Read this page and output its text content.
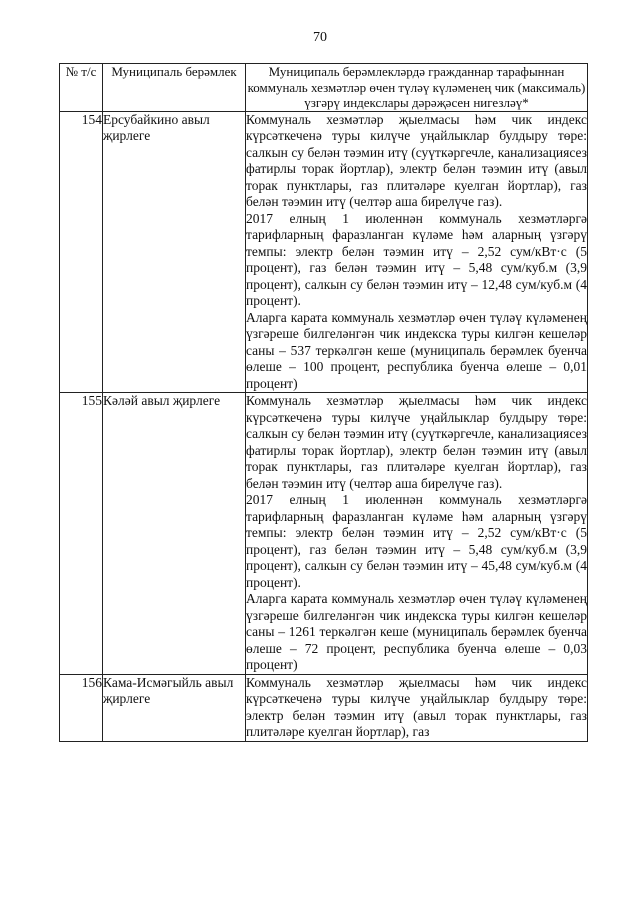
70
№ т/с	Муниципаль берәмлек	Муниципаль берәмлекләрдә гражданнар тарафыннан коммуналь хезмәтләр өчен түләү күләменең чик (максималь) үзгәрү индекслары дәрәҗәсен нигезләү*
154	Ерсубайкино авыл җирлеге	Коммуналь хезмәтләр җыелмасы һәм чик индекс күрсәткеченә туры килүче уңайлыклар булдыру төре: салкын су белән тәэмин итү (суүткәргечле, канализациясез фатирлы торак йортлар), электр белән тәэмин итү (авыл торак пунктлары, газ плитәләре куелган йортлар), газ белән тәэмин итү (челтәр аша бирелүче газ).

2017 елның 1 июленнән коммуналь хезмәтләргә тарифларның фаразланган күләме һәм аларның үзгәрү темпы: электр белән тәэмин итү – 2,52 сум/кВт·с (5 процент), газ белән тәэмин итү – 5,48 сум/куб.м (3,9 процент), салкын су белән тәэмин итү – 12,48 сум/куб.м (4 процент).

Аларга карата коммуналь хезмәтләр өчен түләү күләменең үзгәреше билгеләнгән чик индекска туры килгән кешеләр саны – 537 теркәлгән кеше (муниципаль берәмлек буенча өлеше – 100 процент, республика буенча өлеше – 0,01 процент)

155	Кәләй авыл җирлеге	Коммуналь хезмәтләр җыелмасы һәм чик индекс күрсәткеченә туры килүче уңайлыклар булдыру төре: салкын су белән тәэмин итү (суүткәргечле, канализациясез фатирлы торак йортлар), электр белән тәэмин итү (авыл торак пунктлары, газ плитәләре куелган йортлар), газ белән тәэмин итү (челтәр аша бирелүче газ).

2017 елның 1 июленнән коммуналь хезмәтләргә тарифларның фаразланган күләме һәм аларның үзгәрү темпы: электр белән тәэмин итү – 2,52 сум/кВт·с (5 процент), газ белән тәэмин итү – 5,48 сум/куб.м (3,9 процент), салкын су белән тәэмин итү – 45,48 сум/куб.м (4 процент).

Аларга карата коммуналь хезмәтләр өчен түләү күләменең үзгәреше билгеләнгән чик индекска туры килгән кешеләр саны – 1261 теркәлгән кеше (муниципаль берәмлек буенча өлеше – 72 процент, республика буенча өлеше – 0,03 процент)

156	Кама-Исмәгыйль авыл җирлеге	Коммуналь хезмәтләр җыелмасы һәм чик индекс күрсәткеченә туры килүче уңайлыклар булдыру төре: электр белән тәэмин итү (авыл торак пунктлары, газ плитәләре куелган йортлар), газ
